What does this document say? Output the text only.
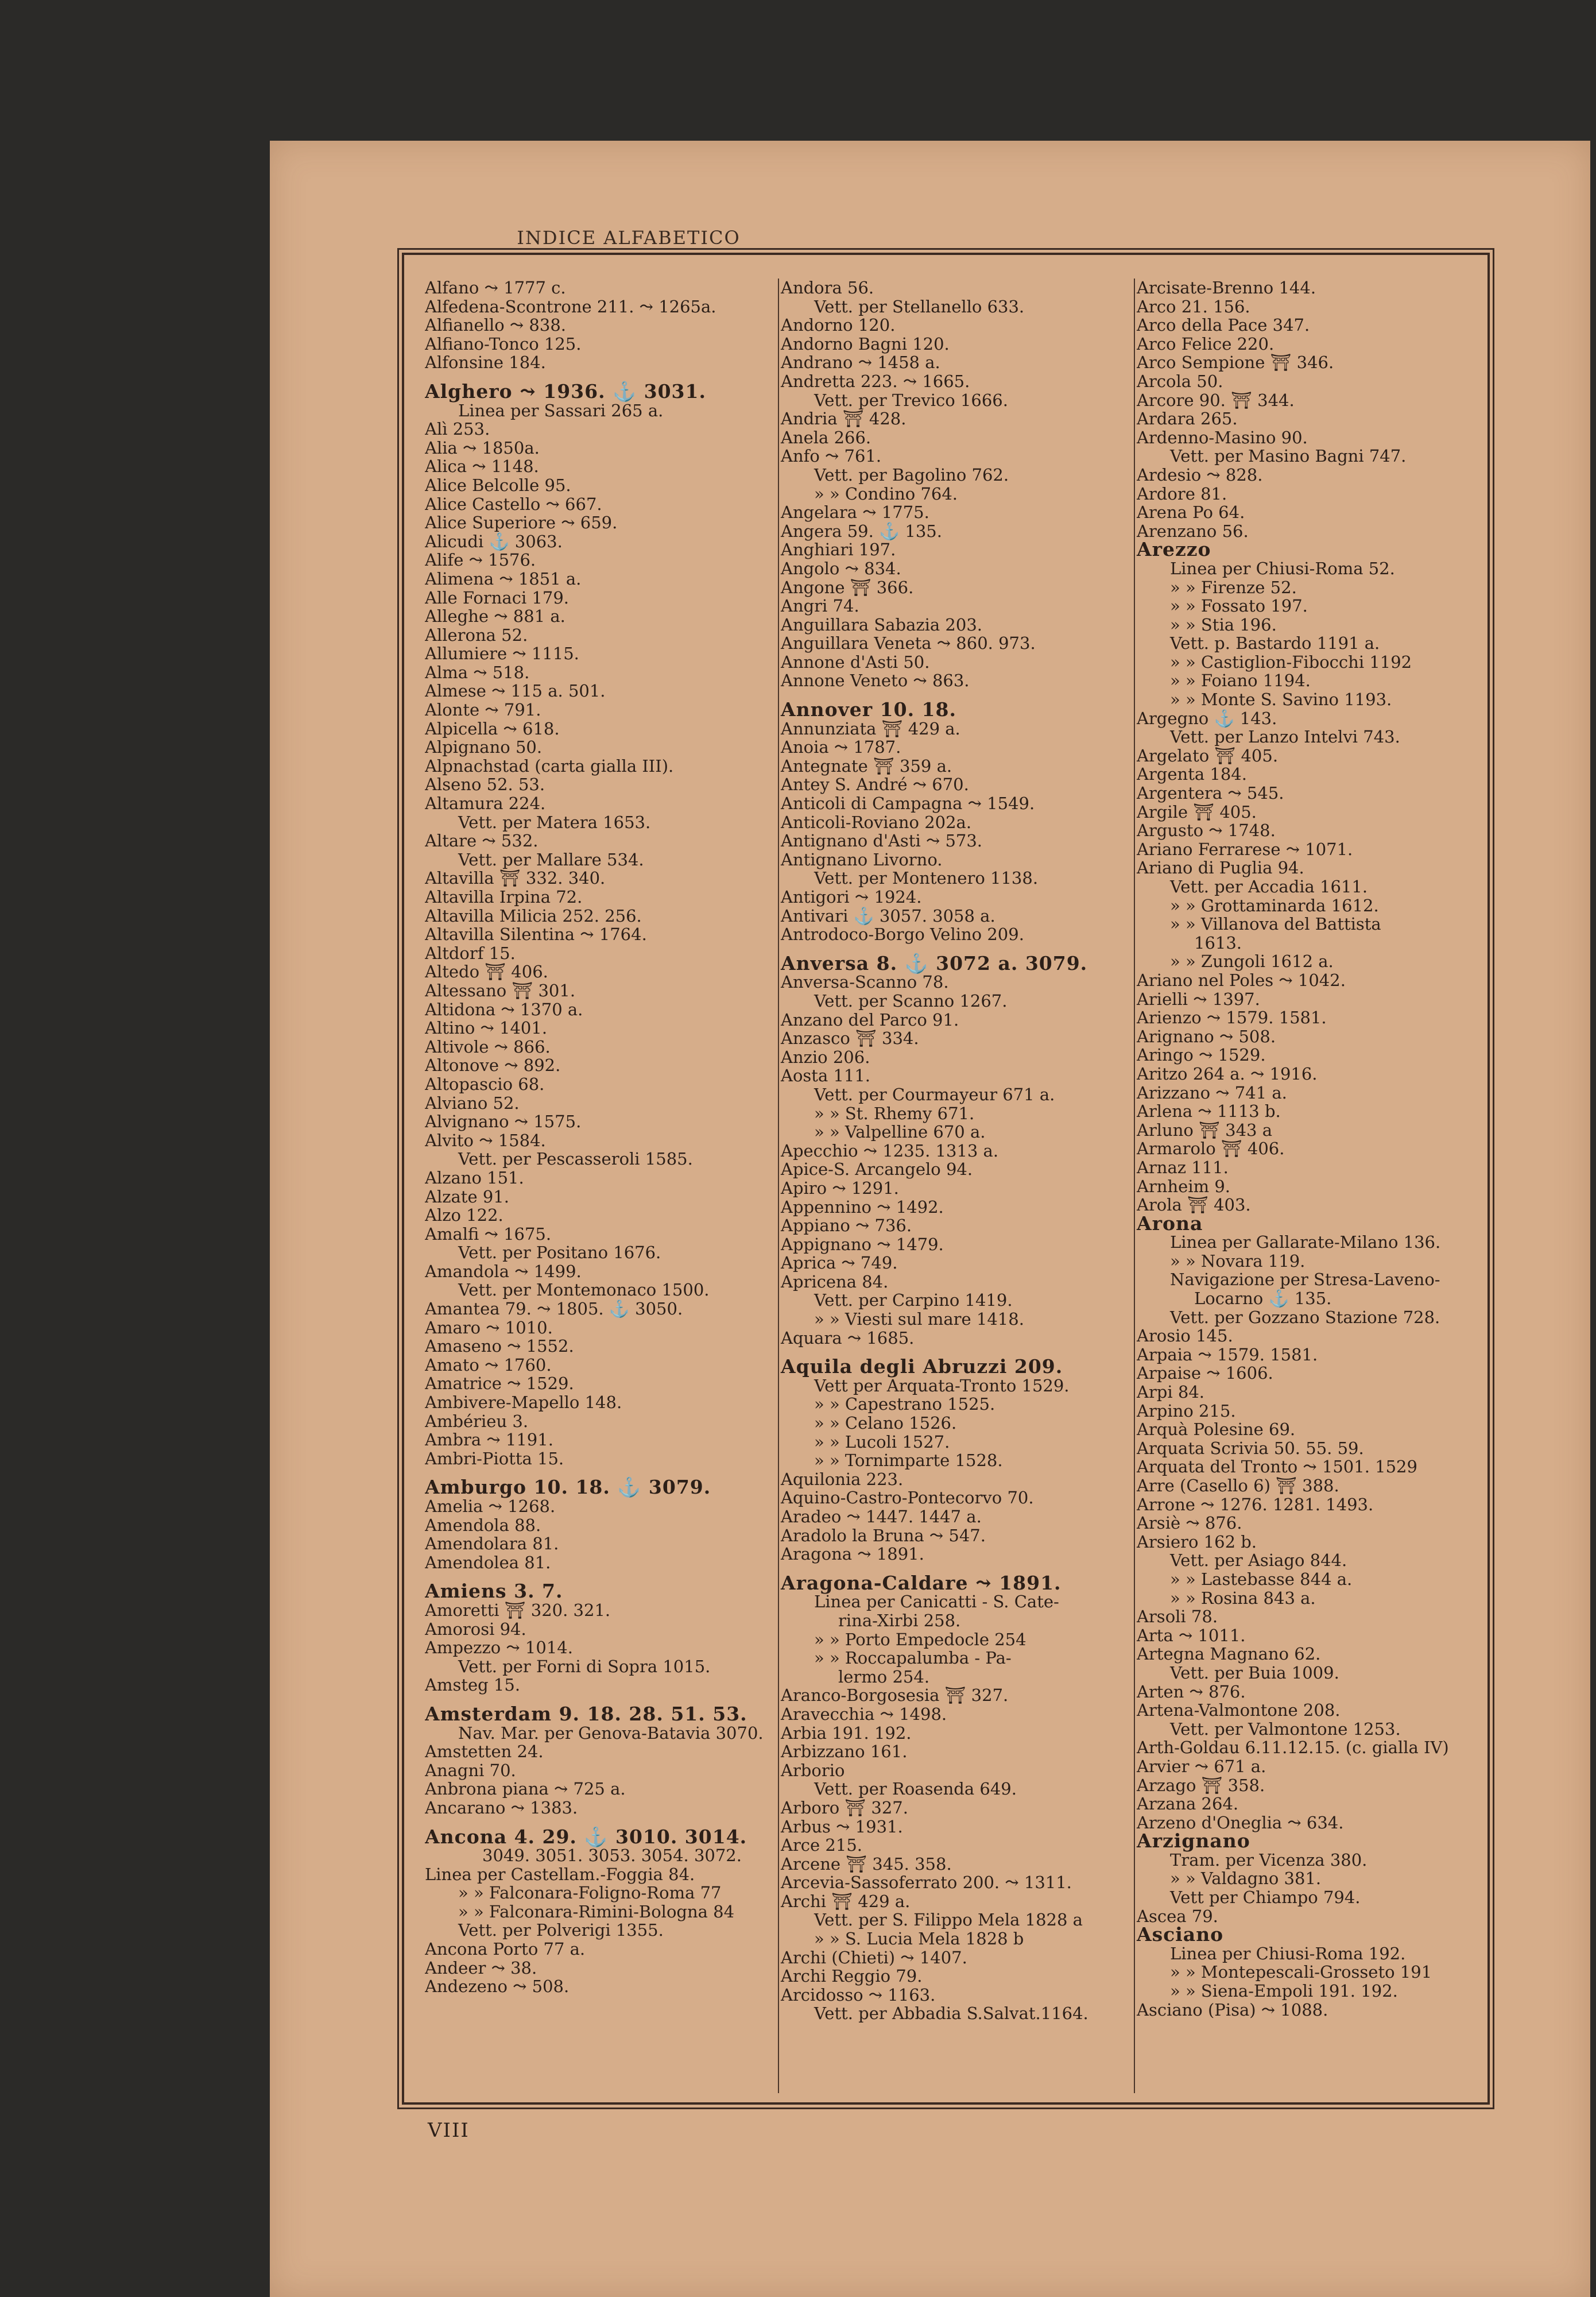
INDICE ALFABETICO
Alfano ⤳ 1777 c.
Alfedena-Scontrone 211. ⤳ 1265a.
Alfianello ⤳ 838.
Alfiano-Tonco 125.
Alfonsine 184.
Alghero ⤳ 1936. ⚓ 3031.
Linea per Sassari 265 a.
Alì 253.
Alia ⤳ 1850a.
Alica ⤳ 1148.
Alice Belcolle 95.
Alice Castello ⤳ 667.
Alice Superiore ⤳ 659.
Alicudi ⚓ 3063.
Alife ⤳ 1576.
Alimena ⤳ 1851 a.
Alle Fornaci 179.
Alleghe ⤳ 881 a.
Allerona 52.
Allumiere ⤳ 1115.
Alma ⤳ 518.
Almese ⤳ 115 a. 501.
Alonte ⤳ 791.
Alpicella ⤳ 618.
Alpignano 50.
Alpnachstad (carta gialla III).
Alseno 52. 53.
Altamura 224.
Vett. per Matera 1653.
Altare ⤳ 532.
Vett. per Mallare 534.
Altavilla ⛩ 332. 340.
Altavilla Irpina 72.
Altavilla Milicia 252. 256.
Altavilla Silentina ⤳ 1764.
Altdorf 15.
Altedo ⛩ 406.
Altessano ⛩ 301.
Altidona ⤳ 1370 a.
Altino ⤳ 1401.
Altivole ⤳ 866.
Altonove ⤳ 892.
Altopascio 68.
Alviano 52.
Alvignano ⤳ 1575.
Alvito ⤳ 1584.
Vett. per Pescasseroli 1585.
Alzano 151.
Alzate 91.
Alzo 122.
Amalfi ⤳ 1675.
Vett. per Positano 1676.
Amandola ⤳ 1499.
Vett. per Montemonaco 1500.
Amantea 79. ⤳ 1805. ⚓ 3050.
Amaro ⤳ 1010.
Amaseno ⤳ 1552.
Amato ⤳ 1760.
Amatrice ⤳ 1529.
Ambivere-Mapello 148.
Ambérieu 3.
Ambra ⤳ 1191.
Ambri-Piotta 15.
Amburgo 10. 18. ⚓ 3079.
Amelia ⤳ 1268.
Amendola 88.
Amendolara 81.
Amendolea 81.
Amiens 3. 7.
Amoretti ⛩ 320. 321.
Amorosi 94.
Ampezzo ⤳ 1014.
Vett. per Forni di Sopra 1015.
Amsteg 15.
Amsterdam 9. 18. 28. 51. 53.
Nav. Mar. per Genova-Batavia 3070.
Amstetten 24.
Anagni 70.
Anbrona piana ⤳ 725 a.
Ancarano ⤳ 1383.
Ancona 4. 29. ⚓ 3010. 3014.
3049. 3051. 3053. 3054. 3072.
Linea per Castellam.-Foggia 84.
» » Falconara-Foligno-Roma 77
» » Falconara-Rimini-Bologna 84
Vett. per Polverigi 1355.
Ancona Porto 77 a.
Andeer ⤳ 38.
Andezeno ⤳ 508.
Andora 56.
Vett. per Stellanello 633.
Andorno 120.
Andorno Bagni 120.
Andrano ⤳ 1458 a.
Andretta 223. ⤳ 1665.
Vett. per Trevico 1666.
Andria ⛩ 428.
Anela 266.
Anfo ⤳ 761.
Vett. per Bagolino 762.
» » Condino 764.
Angelara ⤳ 1775.
Angera 59. ⚓ 135.
Anghiari 197.
Angolo ⤳ 834.
Angone ⛩ 366.
Angri 74.
Anguillara Sabazia 203.
Anguillara Veneta ⤳ 860. 973.
Annone d'Asti 50.
Annone Veneto ⤳ 863.
Annover 10. 18.
Annunziata ⛩ 429 a.
Anoia ⤳ 1787.
Antegnate ⛩ 359 a.
Antey S. André ⤳ 670.
Anticoli di Campagna ⤳ 1549.
Anticoli-Roviano 202a.
Antignano d'Asti ⤳ 573.
Antignano Livorno.
Vett. per Montenero 1138.
Antigori ⤳ 1924.
Antivari ⚓ 3057. 3058 a.
Antrodoco-Borgo Velino 209.
Anversa 8. ⚓ 3072 a. 3079.
Anversa-Scanno 78.
Vett. per Scanno 1267.
Anzano del Parco 91.
Anzasco ⛩ 334.
Anzio 206.
Aosta 111.
Vett. per Courmayeur 671 a.
» » St. Rhemy 671.
» » Valpelline 670 a.
Apecchio ⤳ 1235. 1313 a.
Apice-S. Arcangelo 94.
Apiro ⤳ 1291.
Appennino ⤳ 1492.
Appiano ⤳ 736.
Appignano ⤳ 1479.
Aprica ⤳ 749.
Apricena 84.
Vett. per Carpino 1419.
» » Viesti sul mare 1418.
Aquara ⤳ 1685.
Aquila degli Abruzzi 209.
Vett per Arquata-Tronto 1529.
» » Capestrano 1525.
» » Celano 1526.
» » Lucoli 1527.
» » Tornimparte 1528.
Aquilonia 223.
Aquino-Castro-Pontecorvo 70.
Aradeo ⤳ 1447. 1447 a.
Aradolo la Bruna ⤳ 547.
Aragona ⤳ 1891.
Aragona-Caldare ⤳ 1891.
Linea per Canicatti - S. Cate-
rina-Xirbi 258.
» » Porto Empedocle 254
» » Roccapalumba - Pa-
lermo 254.
Aranco-Borgosesia ⛩ 327.
Aravecchia ⤳ 1498.
Arbia 191. 192.
Arbizzano 161.
Arborio
Vett. per Roasenda 649.
Arboro ⛩ 327.
Arbus ⤳ 1931.
Arce 215.
Arcene ⛩ 345. 358.
Arcevia-Sassoferrato 200. ⤳ 1311.
Archi ⛩ 429 a.
Vett. per S. Filippo Mela 1828 a
» » S. Lucia Mela 1828 b
Archi (Chieti) ⤳ 1407.
Archi Reggio 79.
Arcidosso ⤳ 1163.
Vett. per Abbadia S.Salvat.1164.
Arcisate-Brenno 144.
Arco 21. 156.
Arco della Pace 347.
Arco Felice 220.
Arco Sempione ⛩ 346.
Arcola 50.
Arcore 90. ⛩ 344.
Ardara 265.
Ardenno-Masino 90.
Vett. per Masino Bagni 747.
Ardesio ⤳ 828.
Ardore 81.
Arena Po 64.
Arenzano 56.
Arezzo
Linea per Chiusi-Roma 52.
» » Firenze 52.
» » Fossato 197.
» » Stia 196.
Vett. p. Bastardo 1191 a.
» » Castiglion-Fibocchi 1192
» » Foiano 1194.
» » Monte S. Savino 1193.
Argegno ⚓ 143.
Vett. per Lanzo Intelvi 743.
Argelato ⛩ 405.
Argenta 184.
Argentera ⤳ 545.
Argile ⛩ 405.
Argusto ⤳ 1748.
Ariano Ferrarese ⤳ 1071.
Ariano di Puglia 94.
Vett. per Accadia 1611.
» » Grottaminarda 1612.
» » Villanova del Battista
1613.
» » Zungoli 1612 a.
Ariano nel Poles ⤳ 1042.
Arielli ⤳ 1397.
Arienzo ⤳ 1579. 1581.
Arignano ⤳ 508.
Aringo ⤳ 1529.
Aritzo 264 a. ⤳ 1916.
Arizzano ⤳ 741 a.
Arlena ⤳ 1113 b.
Arluno ⛩ 343 a
Armarolo ⛩ 406.
Arnaz 111.
Arnheim 9.
Arola ⛩ 403.
Arona
Linea per Gallarate-Milano 136.
» » Novara 119.
Navigazione per Stresa-Laveno-
Locarno ⚓ 135.
Vett. per Gozzano Stazione 728.
Arosio 145.
Arpaia ⤳ 1579. 1581.
Arpaise ⤳ 1606.
Arpi 84.
Arpino 215.
Arquà Polesine 69.
Arquata Scrivia 50. 55. 59.
Arquata del Tronto ⤳ 1501. 1529
Arre (Casello 6) ⛩ 388.
Arrone ⤳ 1276. 1281. 1493.
Arsiè ⤳ 876.
Arsiero 162 b.
Vett. per Asiago 844.
» » Lastebasse 844 a.
» » Rosina 843 a.
Arsoli 78.
Arta ⤳ 1011.
Artegna Magnano 62.
Vett. per Buia 1009.
Arten ⤳ 876.
Artena-Valmontone 208.
Vett. per Valmontone 1253.
Arth-Goldau 6.11.12.15. (c. gialla IV)
Arvier ⤳ 671 a.
Arzago ⛩ 358.
Arzana 264.
Arzeno d'Oneglia ⤳ 634.
Arzignano
Tram. per Vicenza 380.
» » Valdagno 381.
Vett per Chiampo 794.
Ascea 79.
Asciano
Linea per Chiusi-Roma 192.
» » Montepescali-Grosseto 191
» » Siena-Empoli 191. 192.
Asciano (Pisa) ⤳ 1088.
VIII
